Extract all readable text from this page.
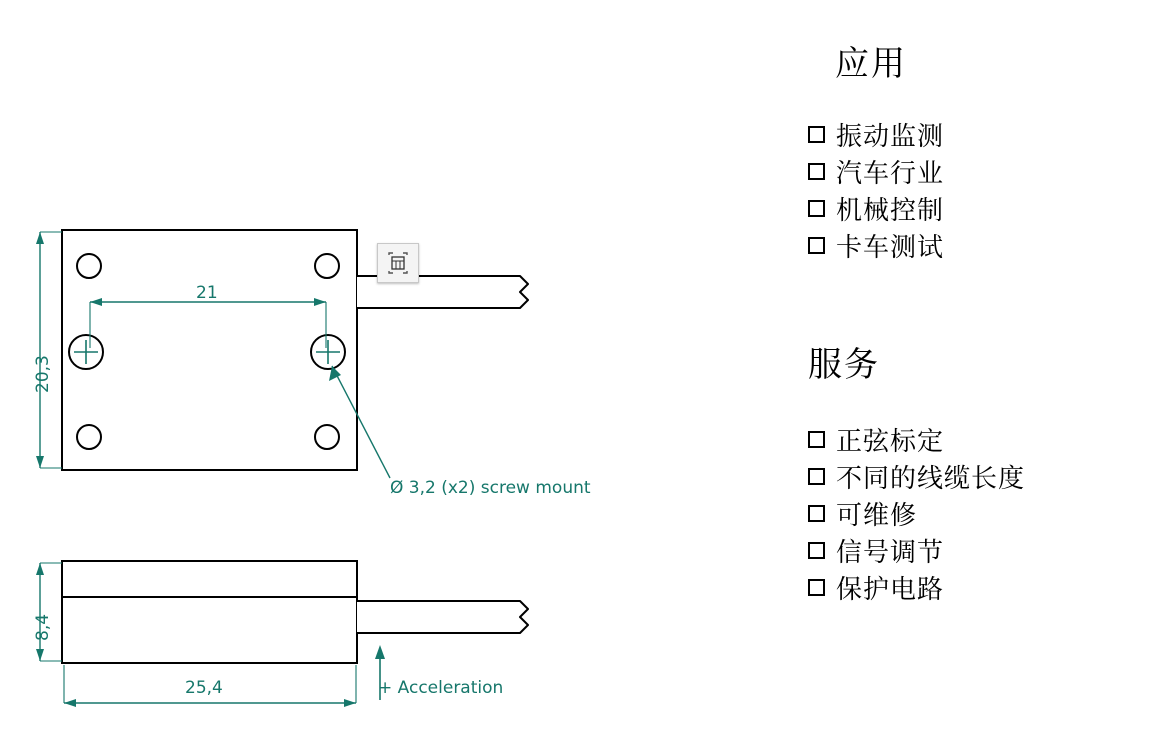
21
20,3
Ø 3,2 (x2) screw mount
8,4
25,4	+ Acceleration
应用
振动监测
汽车行业
机械控制
卡车测试
服务
正弦标定
不同的线缆长度
可维修
信号调节
保护电路
